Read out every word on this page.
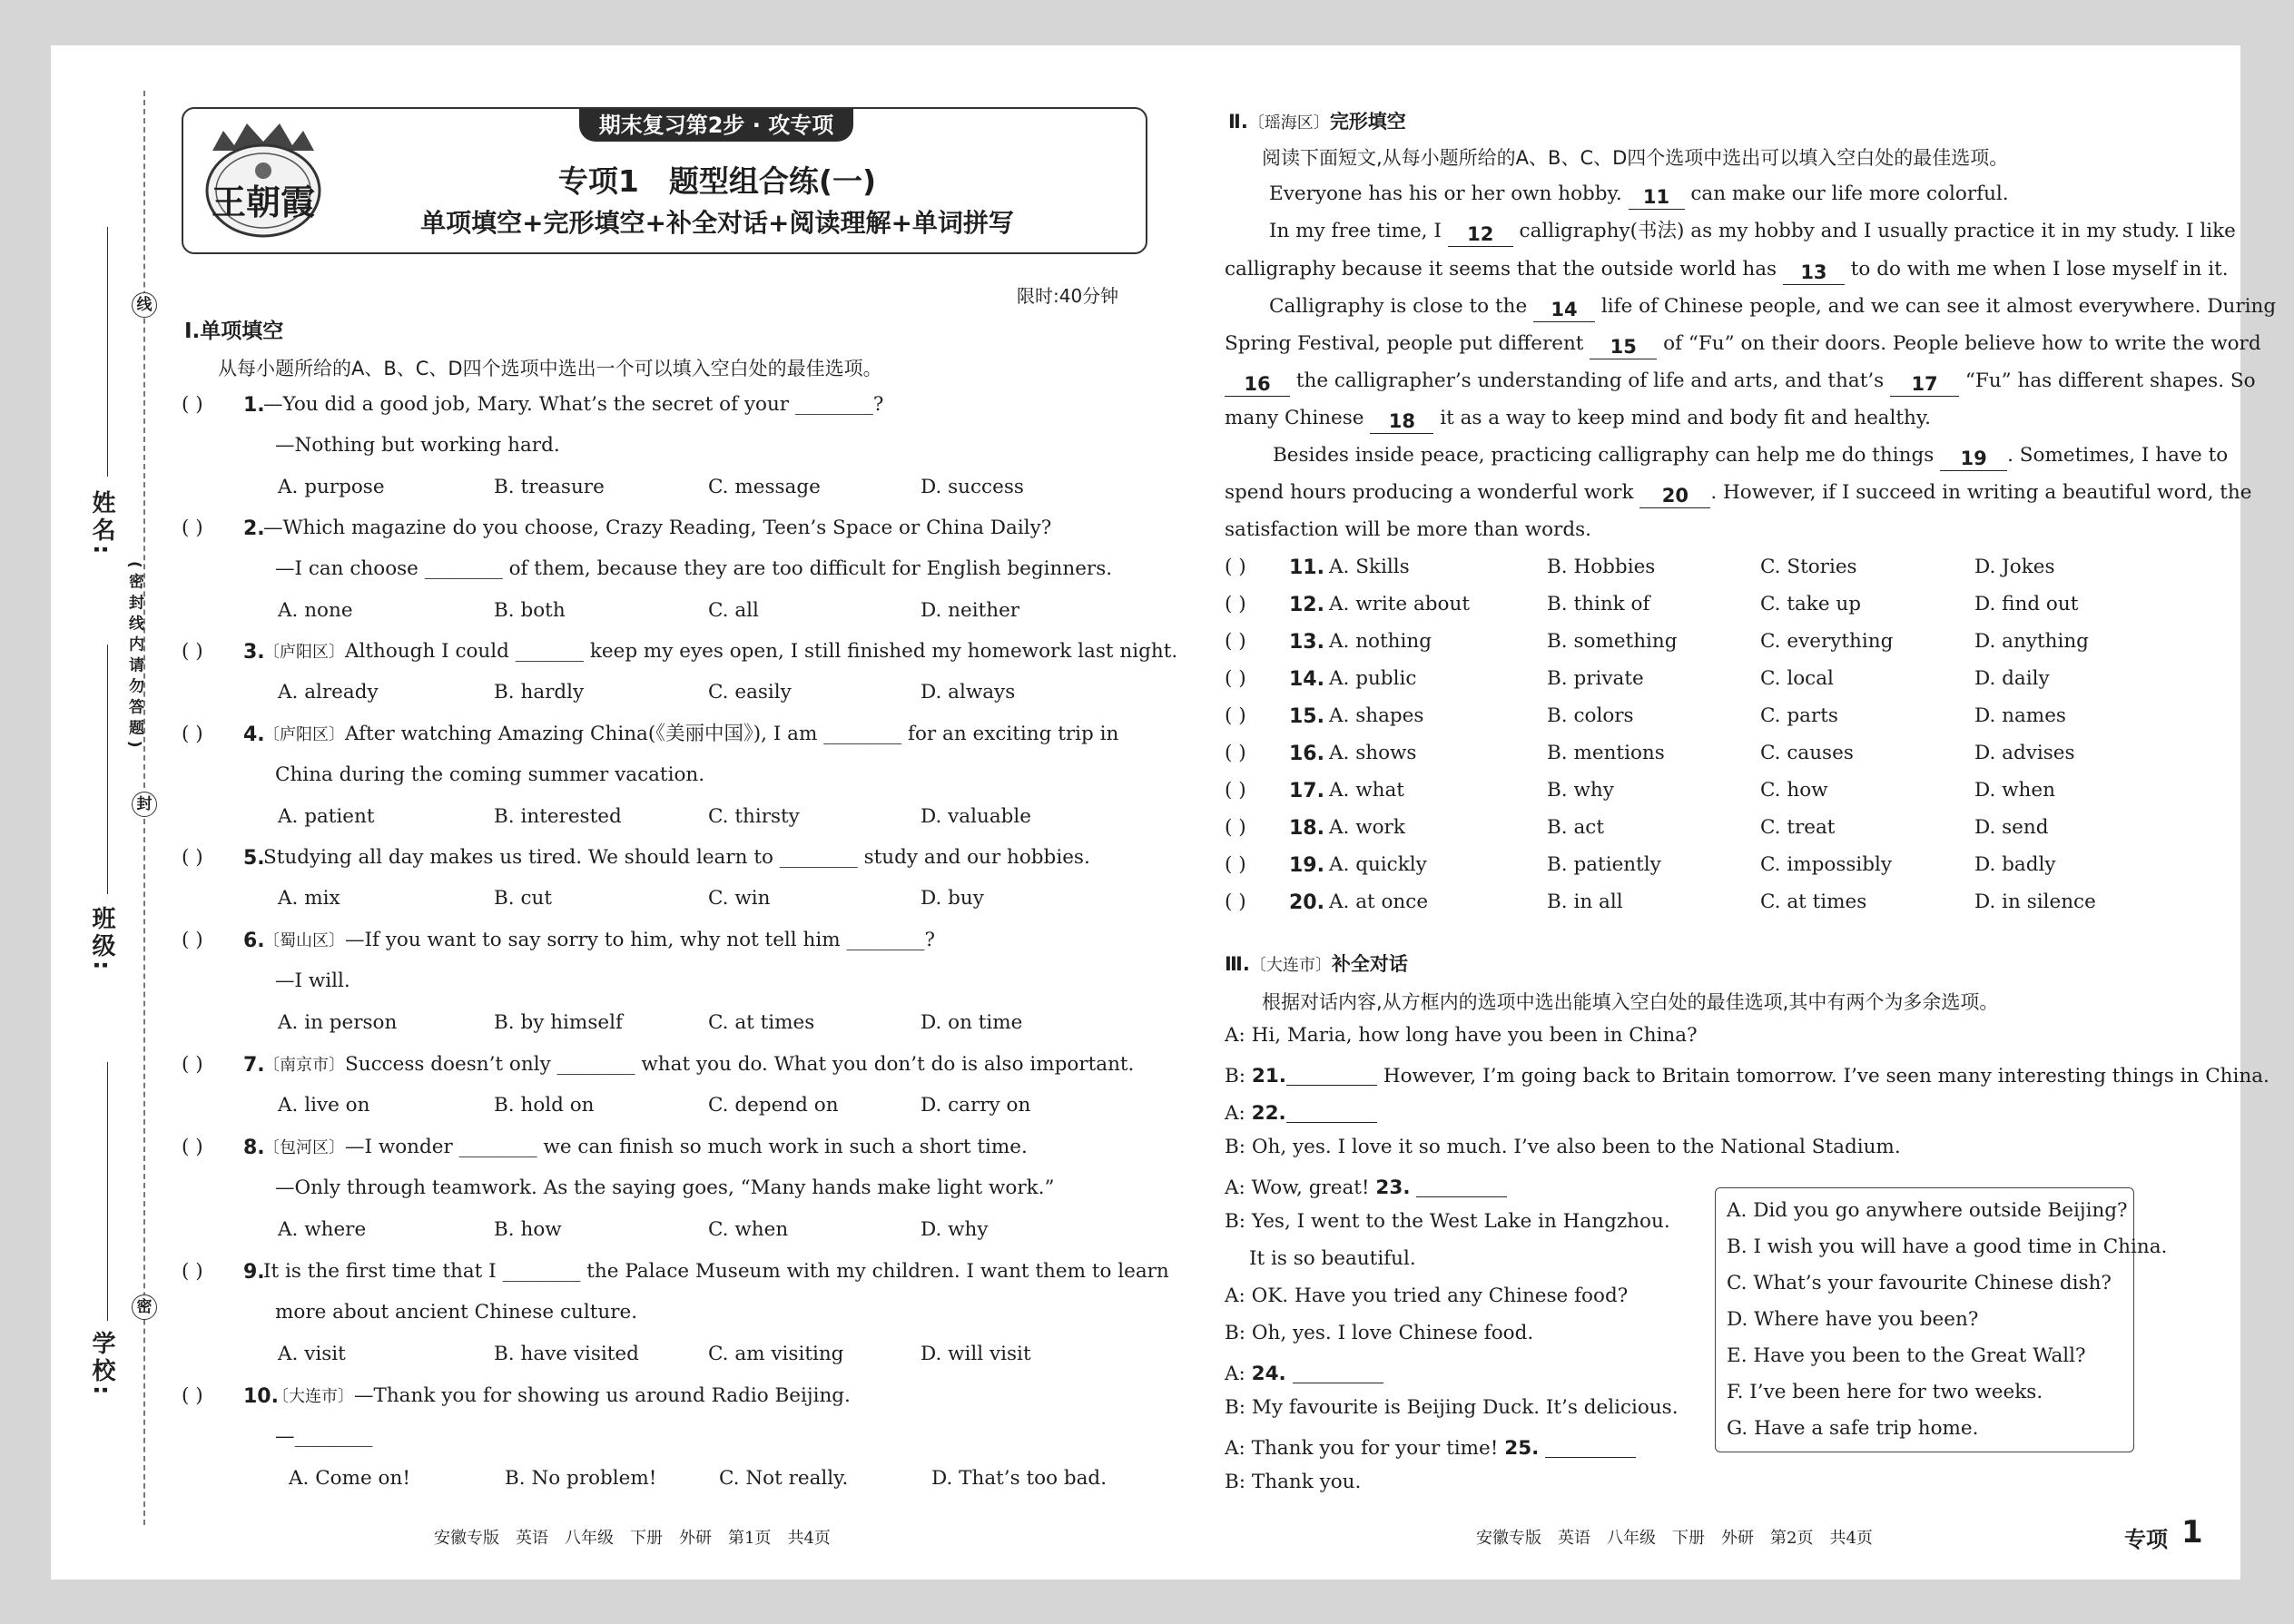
线
封
密
(密封线内请勿答题)
姓名:
班级:
学校:
王朝霞
期末复习第2步 · 攻专项
专项1　题型组合练(一)
单项填空+完形填空+补全对话+阅读理解+单词拼写
限时:40分钟
Ⅰ.单项填空
从每小题所给的A、B、C、D四个选项中选出一个可以填入空白处的最佳选项。
( ) 1.
—You did a good job, Mary. What’s the secret of your ________?
—Nothing but working hard.
A. purpose	B. treasure	C. message	D. success
( ) 2.
—Which magazine do you choose, Crazy Reading, Teen’s Space or China Daily?
—I can choose ________ of them, because they are too difficult for English beginners.
A. none	B. both	C. all	D. neither
( ) 3.
〔庐阳区〕Although I could _______ keep my eyes open, I still finished my homework last night.
A. already	B. hardly	C. easily	D. always
( ) 4.
〔庐阳区〕After watching Amazing China(《美丽中国》), I am ________ for an exciting trip in
China during the coming summer vacation.
A. patient	B. interested	C. thirsty	D. valuable
( ) 5.
Studying all day makes us tired. We should learn to ________ study and our hobbies.
A. mix	B. cut	C. win	D. buy
( ) 6.
〔蜀山区〕—If you want to say sorry to him, why not tell him ________?
—I will.
A. in person	B. by himself	C. at times	D. on time
( ) 7.
〔南京市〕Success doesn’t only ________ what you do. What you don’t do is also important.
A. live on	B. hold on	C. depend on	D. carry on
( ) 8.
〔包河区〕—I wonder ________ we can finish so much work in such a short time.
—Only through teamwork. As the saying goes, “Many hands make light work.”
A. where	B. how	C. when	D. why
( ) 9.
It is the first time that I ________ the Palace Museum with my children. I want them to learn
more about ancient Chinese culture.
A. visit	B. have visited	C. am visiting	D. will visit
( ) 10.
〔大连市〕—Thank you for showing us around Radio Beijing.
—________
A. Come on!	B. No problem!	C. Not really.	D. That’s too bad.
Ⅱ.〔瑶海区〕完形填空
阅读下面短文,从每小题所给的A、B、C、D四个选项中选出可以填入空白处的最佳选项。
Everyone has his or her own hobby. 11 can make our life more colorful.
In my free time, I 12 calligraphy(书法) as my hobby and I usually practice it in my study. I like
calligraphy because it seems that the outside world has 13 to do with me when I lose myself in it.
Calligraphy is close to the 14 life of Chinese people, and we can see it almost everywhere. During
Spring Festival, people put different 15 of “Fu” on their doors. People believe how to write the word
16 the calligrapher’s understanding of life and arts, and that’s 17 “Fu” has different shapes. So
many Chinese 18 it as a way to keep mind and body fit and healthy.
Besides inside peace, practicing calligraphy can help me do things 19 . Sometimes, I have to
spend hours producing a wonderful work 20 . However, if I succeed in writing a beautiful word, the
satisfaction will be more than words.
( ) 11. A. Skills	B. Hobbies	C. Stories	D. Jokes
( ) 12. A. write about	B. think of	C. take up	D. find out
( ) 13. A. nothing	B. something	C. everything	D. anything
( ) 14. A. public	B. private	C. local	D. daily
( ) 15. A. shapes	B. colors	C. parts	D. names
( ) 16. A. shows	B. mentions	C. causes	D. advises
( ) 17. A. what	B. why	C. how	D. when
( ) 18. A. work	B. act	C. treat	D. send
( ) 19. A. quickly	B. patiently	C. impossibly	D. badly
( ) 20. A. at once	B. in all	C. at times	D. in silence
Ⅲ.〔大连市〕补全对话
根据对话内容,从方框内的选项中选出能填入空白处的最佳选项,其中有两个为多余选项。
A: Hi, Maria, how long have you been in China?
B: 21.	However, I’m going back to Britain tomorrow. I’ve seen many interesting things in China.
A: 22.
B: Oh, yes. I love it so much. I’ve also been to the National Stadium.
A: Wow, great! 23.
B: Yes, I went to the West Lake in Hangzhou.
It is so beautiful.
A: OK. Have you tried any Chinese food?
B: Oh, yes. I love Chinese food.
A: 24.
B: My favourite is Beijing Duck. It’s delicious.
A: Thank you for your time! 25.
B: Thank you.
A. Did you go anywhere outside Beijing?
B. I wish you will have a good time in China.
C. What’s your favourite Chinese dish?
D. Where have you been?
E. Have you been to the Great Wall?
F. I’ve been here for two weeks.
G. Have a safe trip home.
安徽专版　英语　八年级　下册　外研　第1页　共4页	安徽专版　英语　八年级　下册　外研　第2页　共4页	专项 1
